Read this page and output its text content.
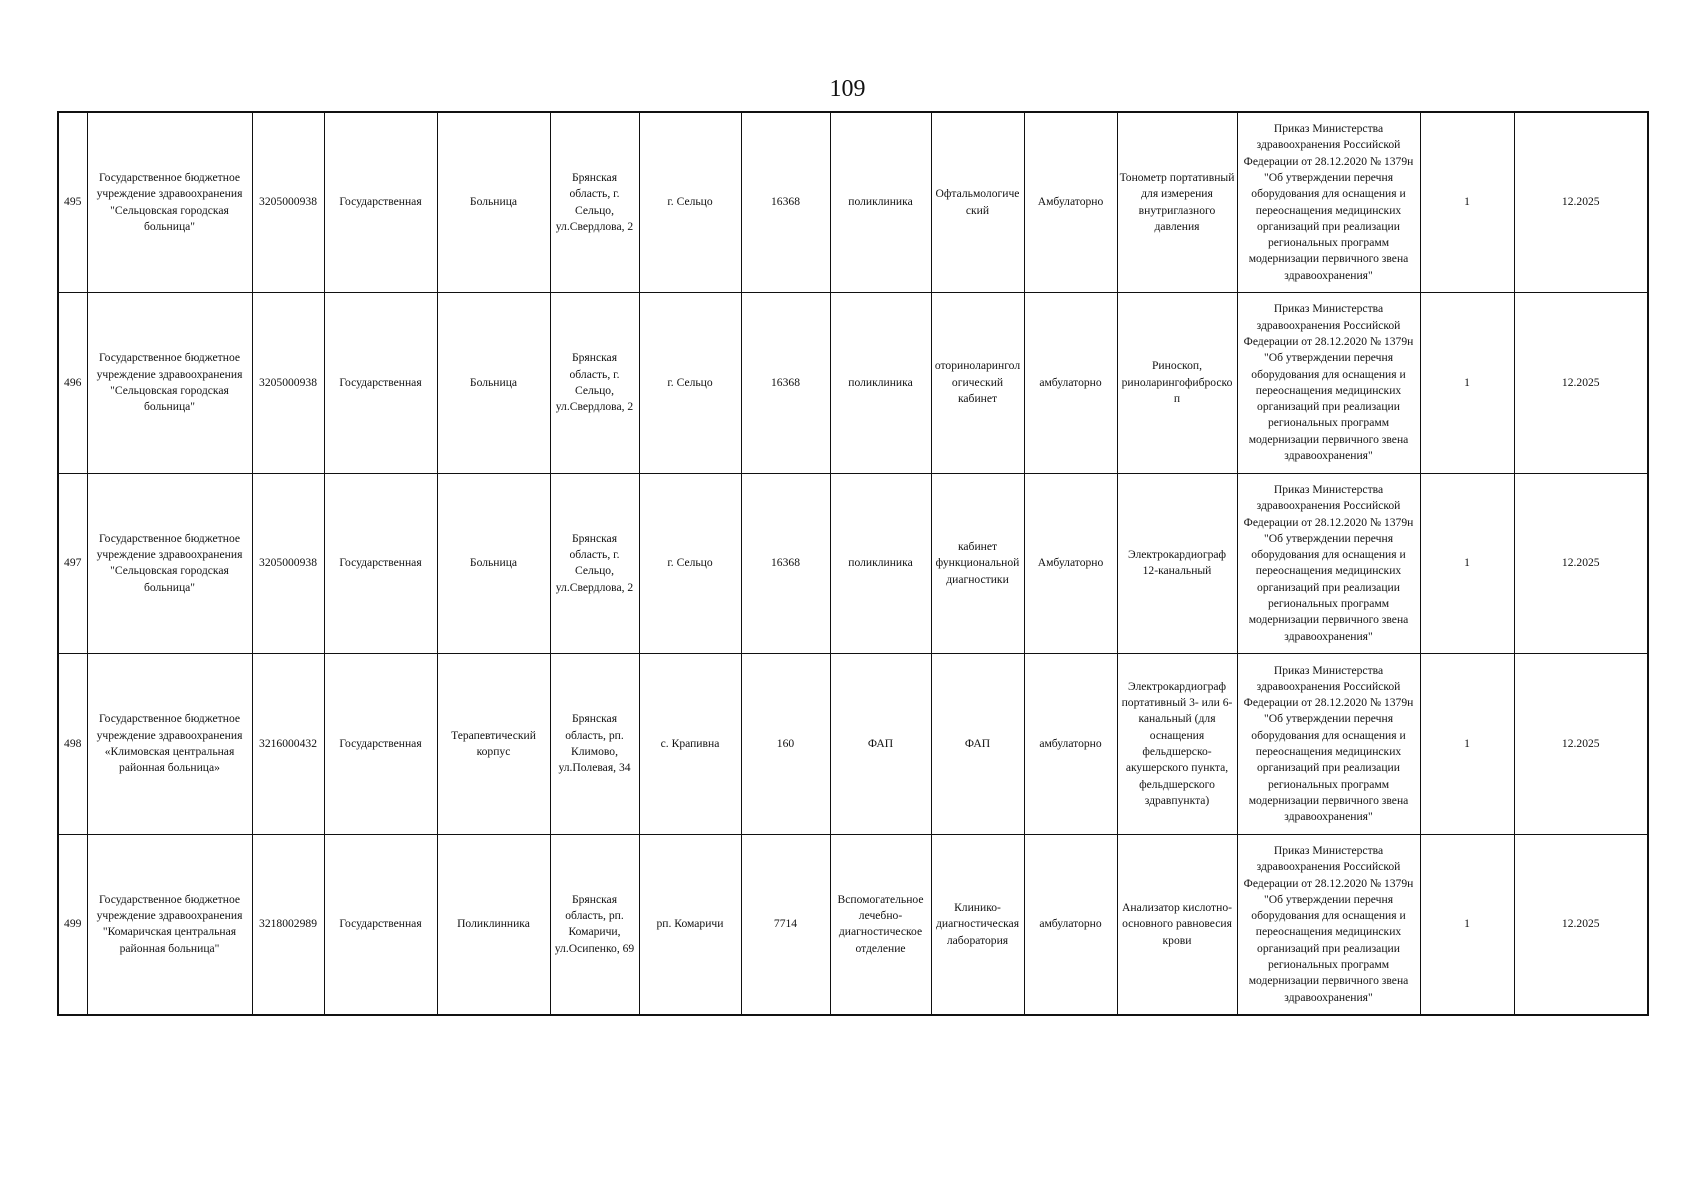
109
495	Государственное бюджетное учреждение здравоохранения "Сельцовская городская больница"	3205000938	Государственная	Больница	Брянская область, г. Сельцо, ул.Свердлова, 2	г. Сельцо	16368	поликлиника	Офтальмологический	Амбулаторно	Тонометр портативный для измерения внутриглазного давления	Приказ Министерства здравоохранения Российской Федерации от 28.12.2020 № 1379н "Об утверждении перечня оборудования для оснащения и переоснащения медицинских организаций при реализации региональных программ модернизации первичного звена здравоохранения"	1	12.2025
496	Государственное бюджетное учреждение здравоохранения "Сельцовская городская больница"	3205000938	Государственная	Больница	Брянская область, г. Сельцо, ул.Свердлова, 2	г. Сельцо	16368	поликлиника	оториноларингологический кабинет	амбулаторно	Риноскоп, риноларингофиброскоп	Приказ Министерства здравоохранения Российской Федерации от 28.12.2020 № 1379н "Об утверждении перечня оборудования для оснащения и переоснащения медицинских организаций при реализации региональных программ модернизации первичного звена здравоохранения"	1	12.2025
497	Государственное бюджетное учреждение здравоохранения "Сельцовская городская больница"	3205000938	Государственная	Больница	Брянская область, г. Сельцо, ул.Свердлова, 2	г. Сельцо	16368	поликлиника	кабинет функциональной диагностики	Амбулаторно	Электрокардиограф 12-канальный	Приказ Министерства здравоохранения Российской Федерации от 28.12.2020 № 1379н "Об утверждении перечня оборудования для оснащения и переоснащения медицинских организаций при реализации региональных программ модернизации первичного звена здравоохранения"	1	12.2025
498	Государственное бюджетное учреждение здравоохранения «Климовская центральная районная больница»	3216000432	Государственная	Терапевтический корпус	Брянская область, рп. Климово, ул.Полевая, 34	с. Крапивна	160	ФАП	ФАП	амбулаторно	Электрокардиограф портативный 3- или 6-канальный (для оснащения фельдшерско-акушерского пункта, фельдшерского здравпункта)	Приказ Министерства здравоохранения Российской Федерации от 28.12.2020 № 1379н "Об утверждении перечня оборудования для оснащения и переоснащения медицинских организаций при реализации региональных программ модернизации первичного звена здравоохранения"	1	12.2025
499	Государственное бюджетное учреждение здравоохранения "Комаричская центральная районная больница"	3218002989	Государственная	Поликлинника	Брянская область, рп. Комаричи, ул.Осипенко, 69	рп. Комаричи	7714	Вспомогательное лечебно-диагностическое отделение	Клинико-диагностическая лаборатория	амбулаторно	Анализатор кислотно-основного равновесия крови	Приказ Министерства здравоохранения Российской Федерации от 28.12.2020 № 1379н "Об утверждении перечня оборудования для оснащения и переоснащения медицинских организаций при реализации региональных программ модернизации первичного звена здравоохранения"	1	12.2025
